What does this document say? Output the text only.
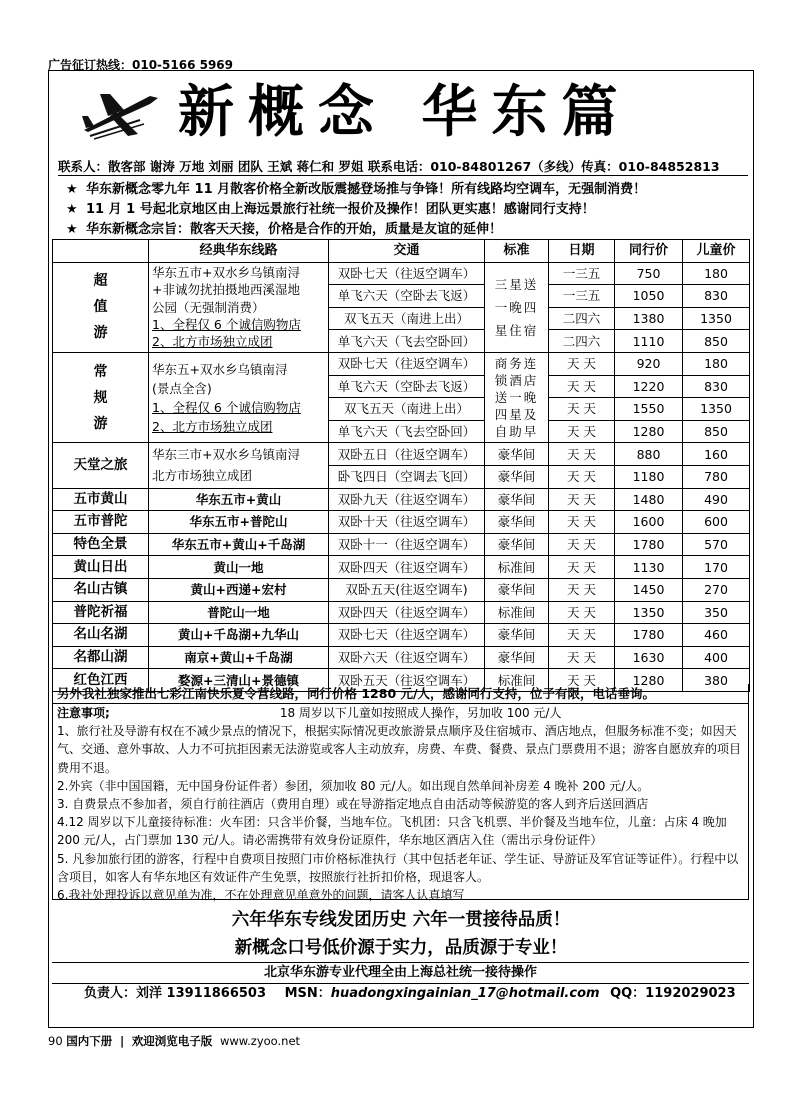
广告征订热线：010-5166 5969
新概念 华东篇
联系人：散客部 谢涛 万地 刘丽 团队 王斌 蒋仁和 罗姐 联系电话：010-84801267（多线）传真：010-84852813
★ 华东新概念零九年 11 月散客价格全新改版震撼登场推与争锋！所有线路均空调车，无强制消费！
★ 11 月 1 号起北京地区由上海远景旅行社统一报价及操作！团队更实惠！感谢同行支持！
★ 华东新概念宗旨：散客天天接，价格是合作的开始，质量是友谊的延伸！
	经典华东线路	交通	标准	日期	同行价	儿童价
超
值
游	华东五市+双水乡乌镇南浔
+非诚勿扰拍摄地西溪湿地
公园（无强制消费）
1、全程仅 6 个诚信购物店
2、北方市场独立成团	双卧七天（往返空调车）	三星送
一晚四
星住宿	一三五	750	180
		单飞六天（空卧去飞返）		一三五	1050	830
		双飞五天（南进上出）		二四六	1380	1350
		单飞六天（飞去空卧回）		二四六	1110	850
常
规
游	华东五+双水乡乌镇南浔
(景点全含)
1、全程仅 6 个诚信购物店
2、北方市场独立成团	双卧七天（往返空调车）	商务连
锁酒店
送一晚
四星及
自助早	天 天	920	180
		单飞六天（空卧去飞返）		天 天	1220	830
		双飞五天（南进上出）		天 天	1550	1350
		单飞六天（飞去空卧回）		天 天	1280	850
天堂之旅	华东三市+双水乡乌镇南浔
北方市场独立成团	双卧五日（往返空调车）	豪华间	天 天	880	160
		卧飞四日（空调去飞回）	豪华间	天 天	1180	780
五市黄山	华东五市+黄山	双卧九天（往返空调车）	豪华间	天 天	1480	490
五市普陀	华东五市+普陀山	双卧十天（往返空调车）	豪华间	天 天	1600	600
特色全景	华东五市+黄山+千岛湖	双卧十一（往返空调车）	豪华间	天 天	1780	570
黄山日出	黄山一地	双卧四天（往返空调车）	标准间	天 天	1130	170
名山古镇	黄山+西递+宏村	双卧五天(往返空调车)	豪华间	天 天	1450	270
普陀祈福	普陀山一地	双卧四天（往返空调车）	标准间	天 天	1350	350
名山名湖	黄山+千岛湖+九华山	双卧七天（往返空调车）	豪华间	天 天	1780	460
名都山湖	南京+黄山+千岛湖	双卧六天（往返空调车）	豪华间	天 天	1630	400
红色江西	婺源+三清山+景德镇	双卧五天（往返空调车）	标准间	天 天	1280	380
另外我社独家推出七彩江南快乐夏令营线路，同行价格 1280 元/人，感谢同行支持，位子有限，电话垂询。

注意事项;	18 周岁以下儿童如按照成人操作，另加收 100 元/人

1、旅行社及导游有权在不减少景点的情况下，根据实际情况更改旅游景点顺序及住宿城市、酒店地点，但服务标准不变；如因天气、交通、意外事故、人力不可抗拒因素无法游览或客人主动放弃，房费、车费、餐费、景点门票费用不退；游客自愿放弃的项目费用不退。

2.外宾（非中国国籍，无中国身份证件者）参团，须加收 80 元/人。如出现自然单间补房差 4 晚补 200 元/人。

3. 自费景点不参加者，须自行前往酒店（费用自理）或在导游指定地点自由活动等候游览的客人到齐后送回酒店

4.12 周岁以下儿童接待标准：火车团：只含半价餐，当地车位。飞机团：只含飞机票、半价餐及当地车位，儿童：占床 4 晚加 200 元/人，占门票加 130 元/人。请必需携带有效身份证原件，华东地区酒店入住（需出示身份证件）

5. 凡参加旅行团的游客，行程中自费项目按照门市价格标准执行（其中包括老年证、学生证、导游证及军官证等证件）。行程中以含项目，如客人有华东地区有效证件产生免票，按照旅行社折扣价格，现退客人。

6.我社处理投诉以意见单为准，不在处理意见单意外的问题，请客人认真填写

六年华东专线发团历史 六年一贯接待品质！
新概念口号低价源于实力，品质源于专业！
北京华东游专业代理全由上海总社统一接待操作
负责人：刘洋 13911866503 MSN：huadongxingainian_17@hotmail.com QQ：1192029023
90 国内下册 | 欢迎浏览电子版 www.zyoo.net
